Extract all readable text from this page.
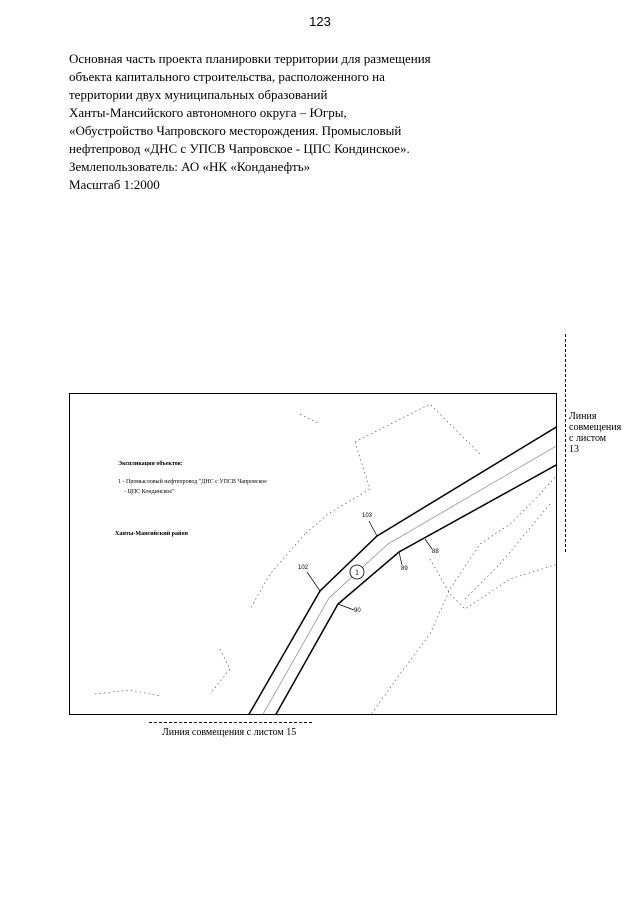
123
Основная часть проекта планировки территории для размещения
объекта капитального строительства, расположенного на
территории двух муниципальных образований
Ханты-Мансийского автономного округа – Югры,
«Обустройство Чапровского месторождения. Промысловый
нефтепровод «ДНС с УПСВ Чапровское - ЦПС Кондинское».
Землепользователь: АО «НК «Конданефть»
Масштаб 1:2000
1
Экспликация объектов:
1 - Промысловый нефтепровод "ДНС с УПСВ Чапровское
- ЦПС Кондинское"
Ханты-Мансийский район
103
102
88
89
90
Линия совмещения с листом 13
Линия совмещения с листом 15
